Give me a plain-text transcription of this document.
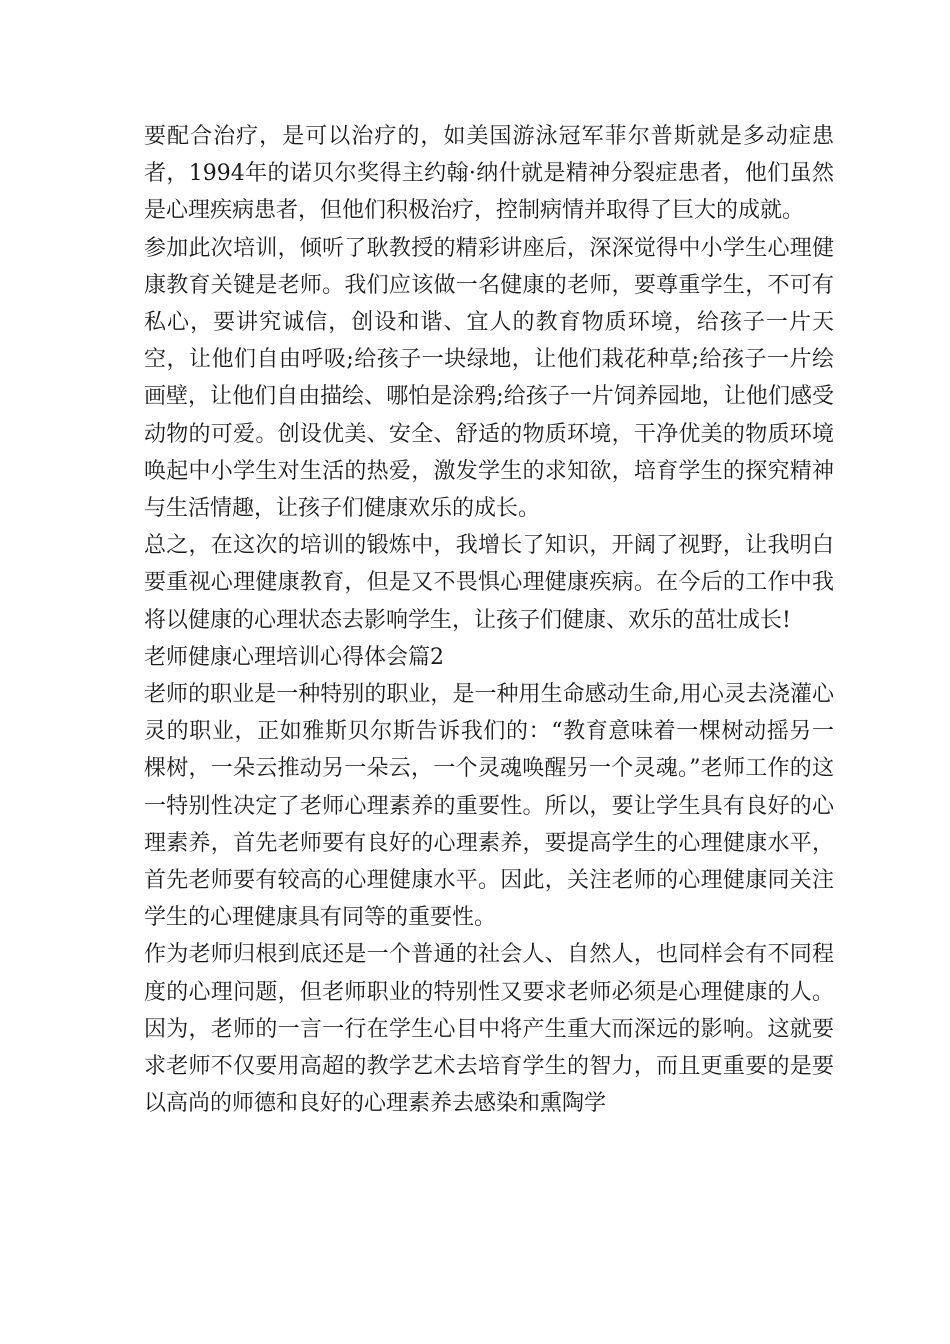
要配合治疗，是可以治疗的，如美国游泳冠军菲尔普斯就是多动症患者，1994年的诺贝尔奖得主约翰·纳什就是精神分裂症患者，他们虽然是心理疾病患者，但他们积极治疗，控制病情并取得了巨大的成就。

参加此次培训，倾听了耿教授的精彩讲座后，深深觉得中小学生心理健康教育关键是老师。我们应该做一名健康的老师，要尊重学生，不可有私心，要讲究诚信，创设和谐、宜人的教育物质环境，给孩子一片天空，让他们自由呼吸;给孩子一块绿地，让他们栽花种草;给孩子一片绘画壁，让他们自由描绘、哪怕是涂鸦;给孩子一片饲养园地，让他们感受动物的可爱。创设优美、安全、舒适的物质环境，干净优美的物质环境唤起中小学生对生活的热爱，激发学生的求知欲，培育学生的探究精神与生活情趣，让孩子们健康欢乐的成长。

总之，在这次的培训的锻炼中，我增长了知识，开阔了视野，让我明白要重视心理健康教育，但是又不畏惧心理健康疾病。在今后的工作中我将以健康的心理状态去影响学生，让孩子们健康、欢乐的茁壮成长!

老师健康心理培训心得体会篇2

老师的职业是一种特别的职业，是一种用生命感动生命,用心灵去浇灌心灵的职业，正如雅斯贝尔斯告诉我们的：“教育意味着一棵树动摇另一棵树，一朵云推动另一朵云，一个灵魂唤醒另一个灵魂。”老师工作的这一特别性决定了老师心理素养的重要性。所以，要让学生具有良好的心理素养，首先老师要有良好的心理素养，要提高学生的心理健康水平，首先老师要有较高的心理健康水平。因此，关注老师的心理健康同关注学生的心理健康具有同等的重要性。

作为老师归根到底还是一个普通的社会人、自然人，也同样会有不同程度的心理问题，但老师职业的特别性又要求老师必须是心理健康的人。因为，老师的一言一行在学生心目中将产生重大而深远的影响。这就要求老师不仅要用高超的教学艺术去培育学生的智力，而且更重要的是要以高尚的师德和良好的心理素养去感染和熏陶学
